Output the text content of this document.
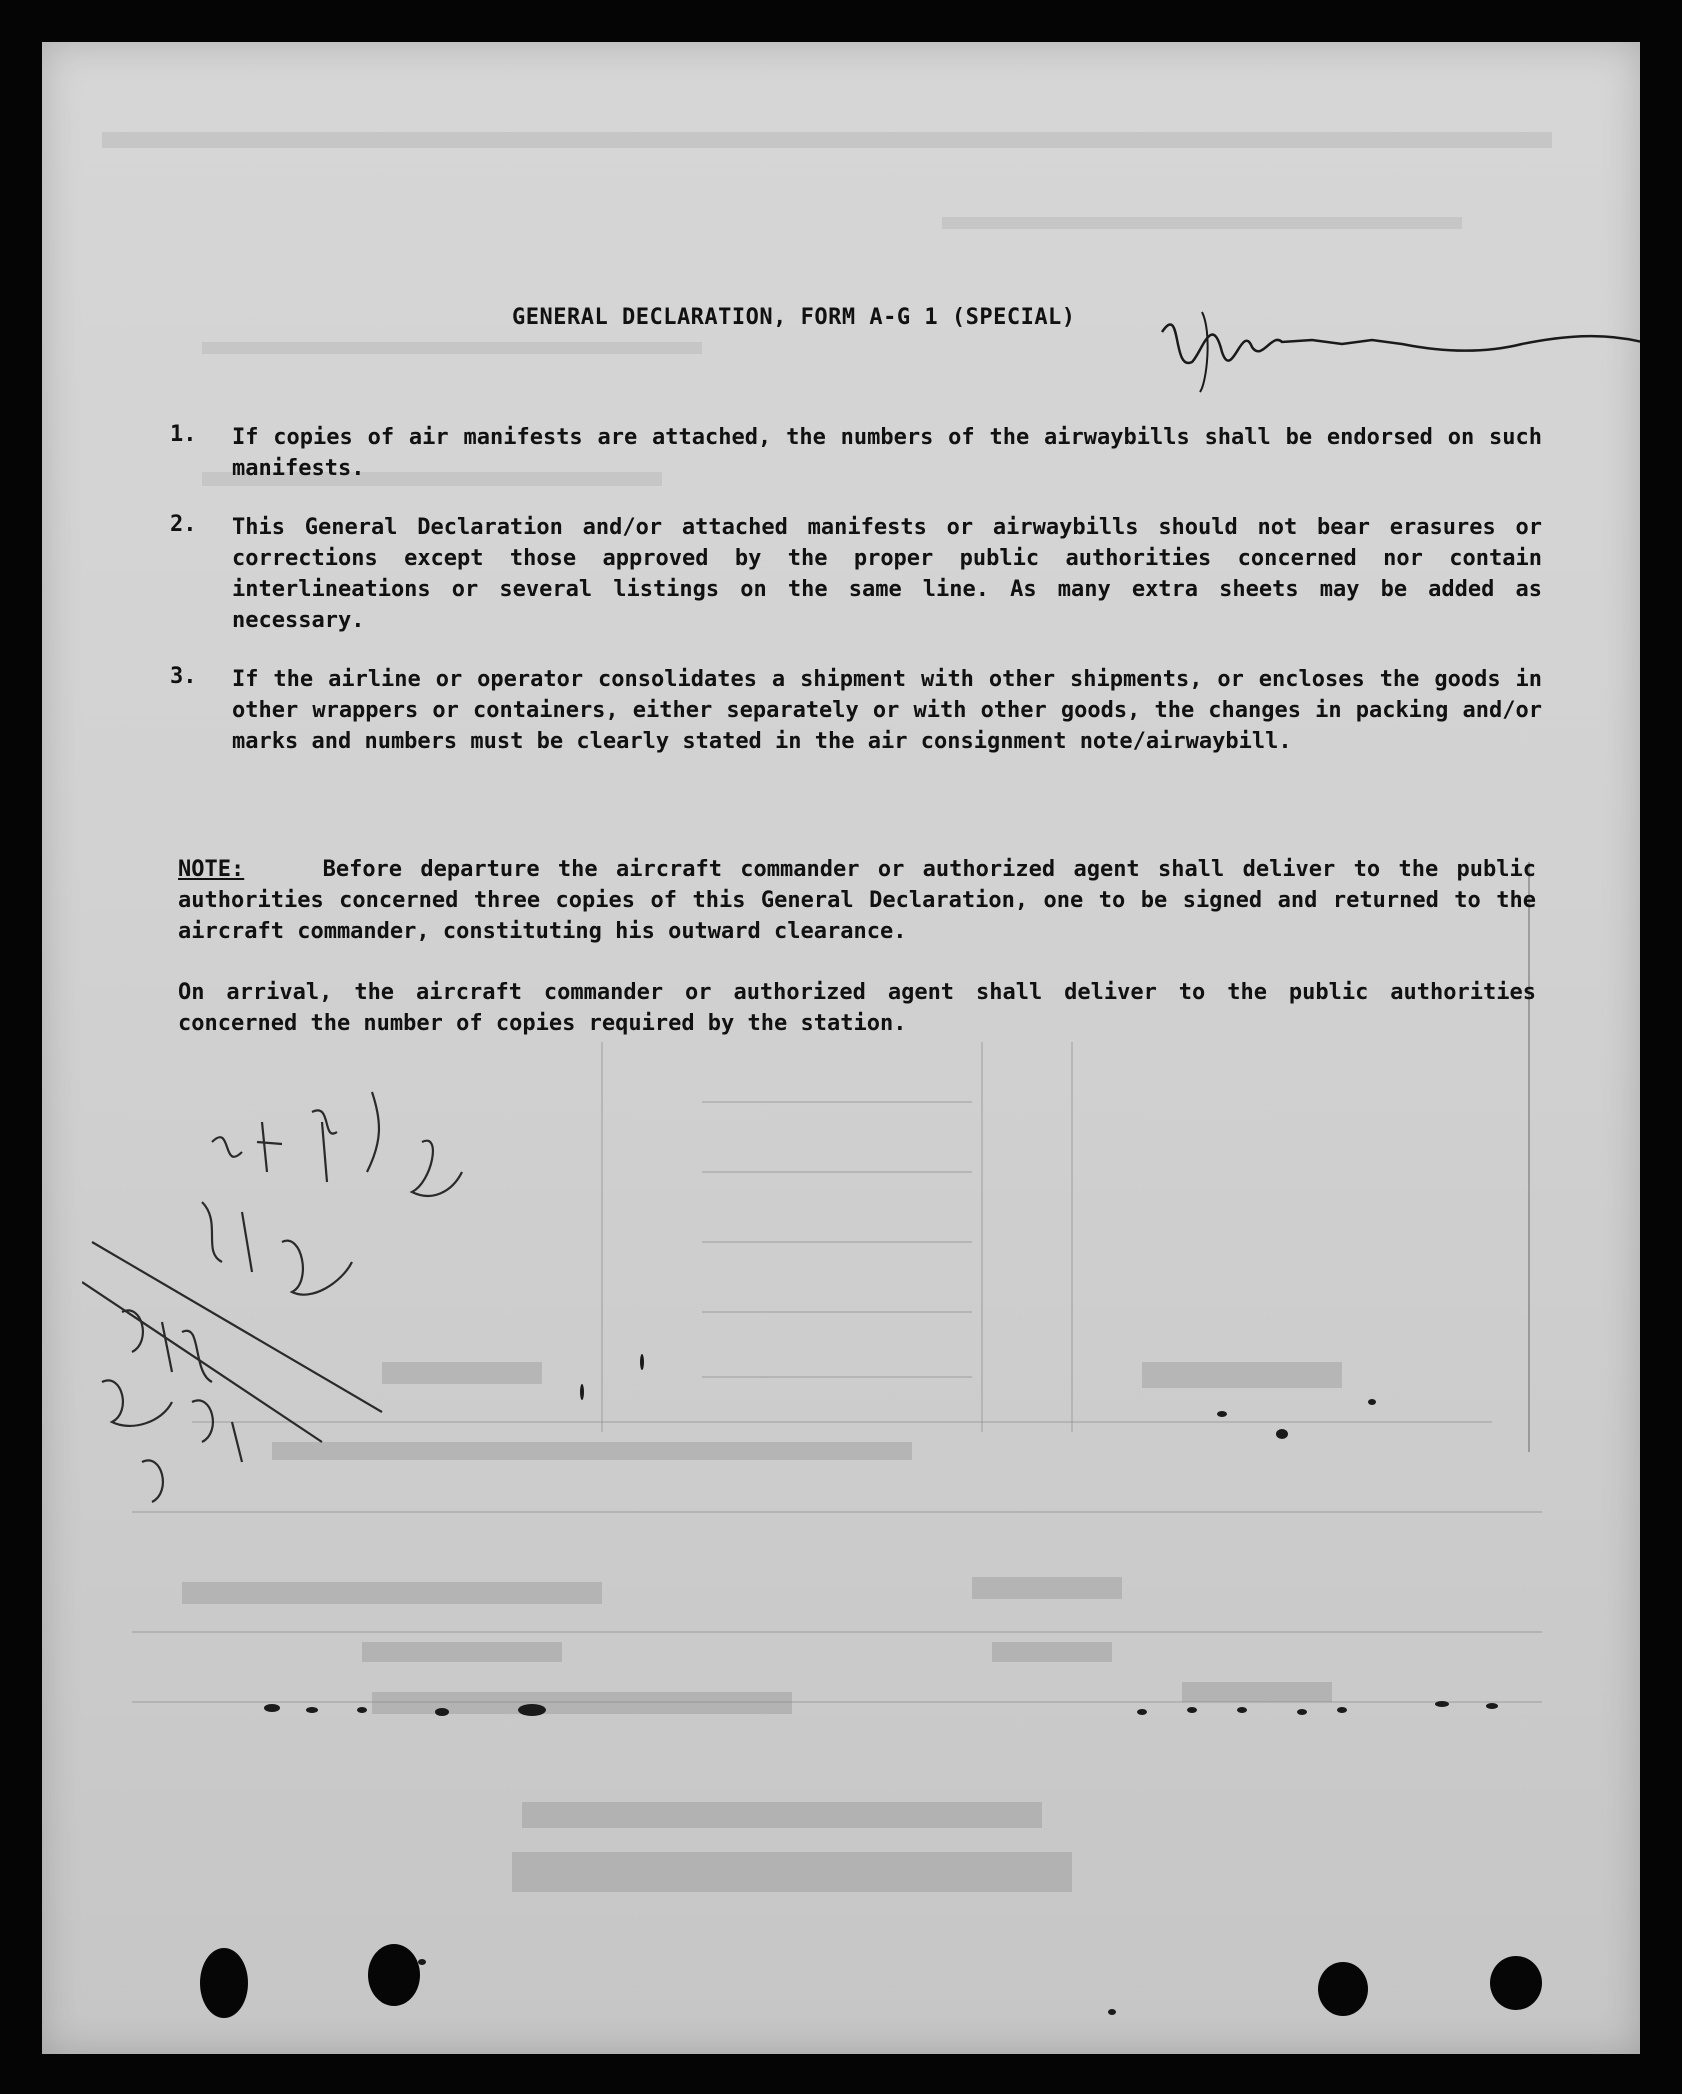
GENERAL DECLARATION, FORM A-G 1 (SPECIAL)
1. If copies of air manifests are attached, the numbers of the airwaybills shall be endorsed on such manifests.

2. This General Declaration and/or attached manifests or airwaybills should not bear erasures or corrections except those approved by the proper public authorities concerned nor contain interlineations or several listings on the same line. As many extra sheets may be added as necessary.

3. If the airline or operator consolidates a shipment with other shipments, or encloses the goods in other wrappers or containers, either separately or with other goods, the changes in packing and/or marks and numbers must be clearly stated in the air consignment note/airwaybill.

NOTE:	Before departure the aircraft commander or authorized agent shall deliver to the public authorities concerned three copies of this General Declaration, one to be signed and returned to the aircraft commander, constituting his outward clearance.

On arrival, the aircraft commander or authorized agent shall deliver to the public authorities concerned the number of copies required by the station.
